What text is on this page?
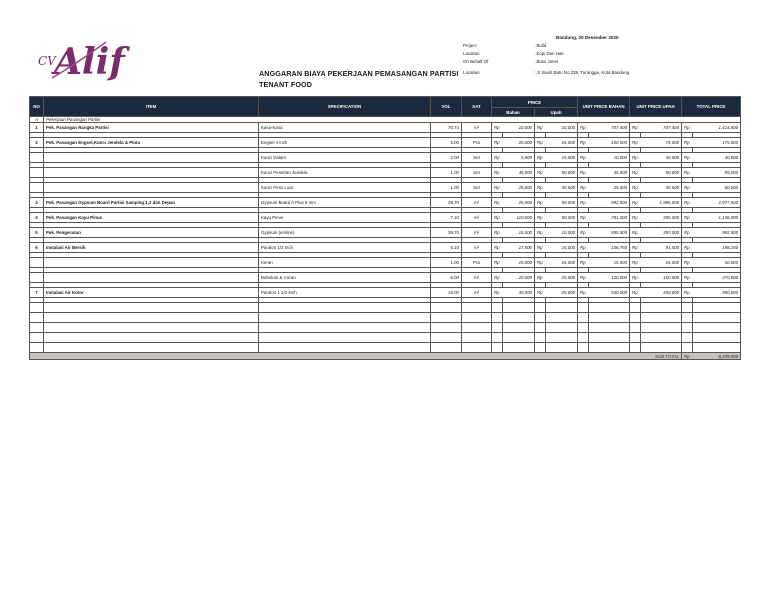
CV
Alif
Bandung, 20 Desember 2020
Project	: Build
Location	: Kopi Dari Hati
On Behalf Of	: Boss Jonet
Location	: Jl. Buah Batu No.239, Turangga, Kota Bandung
ANGGARAN BIAYA PEKERJAAN PEMASANGAN PARTISI
TENANT FOOD
NO	ITEM	SPECIFICATION	VOL	SAT	PRICE				UNIT PRICE BAHAN		UNIT PRICE UPAH		TOTAL PRICE	
					Bahan		Upah							
A	Pekerjaan Pasangan Partisi													
1	Pek. Pasangan Rangka Partisi	Kasa-Kasa	70.74	m²	Rp	10,000	Rp	10,000	Rp	707,400	Rp	707,400	Rp	1,414,800

2	Pek. Pasangan Engsel,Kunci Jendela & Pintu	Engsel 4 inch	5.00	Pcs	Rp	20,000	Rp	15,000	Rp	100,000	Rp	75,000	Rp	175,000

		Kunci Dalam	2.00	Set	Rp	5,000	Rp	15,000	Rp	10,000	Rp	30,000	Rp	40,000

		Kunci Penahan Jendela	1.00	Set	Rp	45,000	Rp	50,000	Rp	45,000	Rp	50,000	Rp	95,000

		Kunci Pintu Luar	1.00	Set	Rp	25,000	Rp	35,000	Rp	25,000	Rp	35,000	Rp	60,000

3	Pek. Pasangan Gypsum Board Partisi Samping 1,2 dan Depan	Gypsum Board A Plus 9 mm	39.70	m²	Rp	25,000	Rp	50,000	Rp	992,500	Rp	1,985,000	Rp	2,977,500

4	Pek. Pasangan Kayu Pinus	Kayu Pinus	7.10	m²	Rp	110,000	Rp	50,000	Rp	781,000	Rp	355,000	Rp	1,136,000

5	Pek. Pengecatan	Gypsum (emline)	39.70	m²	Rp	15,000	Rp	10,000	Rp	595,500	Rp	397,000	Rp	992,500

6	Instalasi Air Bersih	Paralon 1/2 Inch	6.10	m²	Rp	17,500	Rp	15,000	Rp	106,750	Rp	91,500	Rp	198,250

		Keran	1.00	Pcs	Rp	15,000	Rp	15,000	Rp	15,000	Rp	15,000	Rp	30,000

		Bobokan & Coran	6.00	m²	Rp	20,000	Rp	25,000	Rp	120,000	Rp	150,000	Rp	270,000

7	Instalasi Air Kotor	Paralon 1 1/2 Inch	18.00	m²	Rp	30,000	Rp	25,000	Rp	540,000	Rp	450,000	Rp	990,000

SUB TOTAL													Rp	8,379,050
